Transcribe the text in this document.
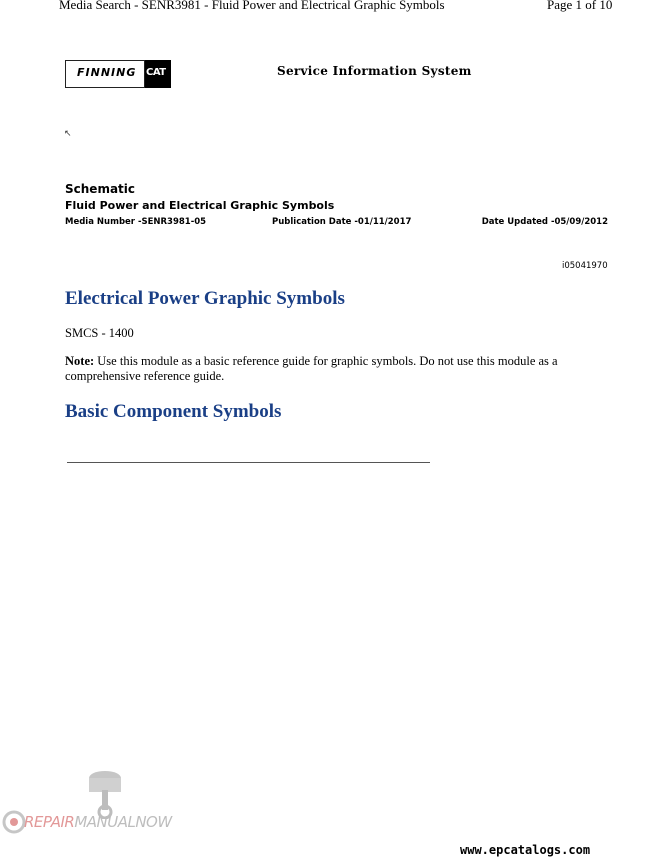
Media Search - SENR3981 - Fluid Power and Electrical Graphic Symbols	Page 1 of 10
FINNING CAT	Service Information System
↖
Schematic
Fluid Power and Electrical Graphic Symbols
Media Number -SENR3981-05	Publication Date -01/11/2017	Date Updated -05/09/2012
i05041970
Electrical Power Graphic Symbols
SMCS - 1400
Note: Use this module as a basic reference guide for graphic symbols. Do not use this module as a comprehensive reference guide.
Basic Component Symbols
REPAIRMANUALNOW
www.epcatalogs.com
